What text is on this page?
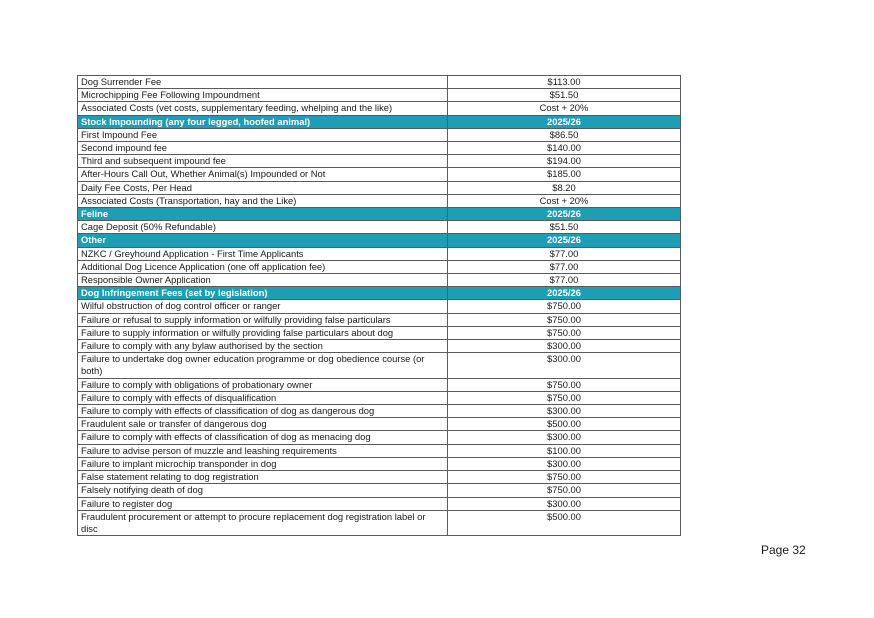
Dog Surrender Fee	$113.00
Microchipping Fee Following Impoundment	$51.50
Associated Costs (vet costs, supplementary feeding, whelping and the like)	Cost + 20%
Stock Impounding (any four legged, hoofed animal)	2025/26
First Impound Fee	$86.50
Second impound fee	$140.00
Third and subsequent impound fee	$194.00
After-Hours Call Out, Whether Animal(s) Impounded or Not	$185.00
Daily Fee Costs, Per Head	$8.20
Associated Costs (Transportation, hay and the Like)	Cost + 20%
Feline	2025/26
Cage Deposit (50% Refundable)	$51.50
Other	2025/26
NZKC / Greyhound Application - First Time Applicants	$77.00
Additional Dog Licence Application (one off application fee)	$77.00
Responsible Owner Application	$77.00
Dog Infringement Fees (set by legislation)	2025/26
Wilful obstruction of dog control officer or ranger	$750.00
Failure or refusal to supply information or wilfully providing false particulars	$750.00
Failure to supply information or wilfully providing false particulars about dog	$750.00
Failure to comply with any bylaw authorised by the section	$300.00
Failure to undertake dog owner education programme or dog obedience course (or both)	$300.00
Failure to comply with obligations of probationary owner	$750.00
Failure to comply with effects of disqualification	$750.00
Failure to comply with effects of classification of dog as dangerous dog	$300.00
Fraudulent sale or transfer of dangerous dog	$500.00
Failure to comply with effects of classification of dog as menacing dog	$300.00
Failure to advise person of muzzle and leashing requirements	$100.00
Failure to implant microchip transponder in dog	$300.00
False statement relating to dog registration	$750.00
Falsely notifying death of dog	$750.00
Failure to register dog	$300.00
Fraudulent procurement or attempt to procure replacement dog registration label or disc	$500.00
Page 32
